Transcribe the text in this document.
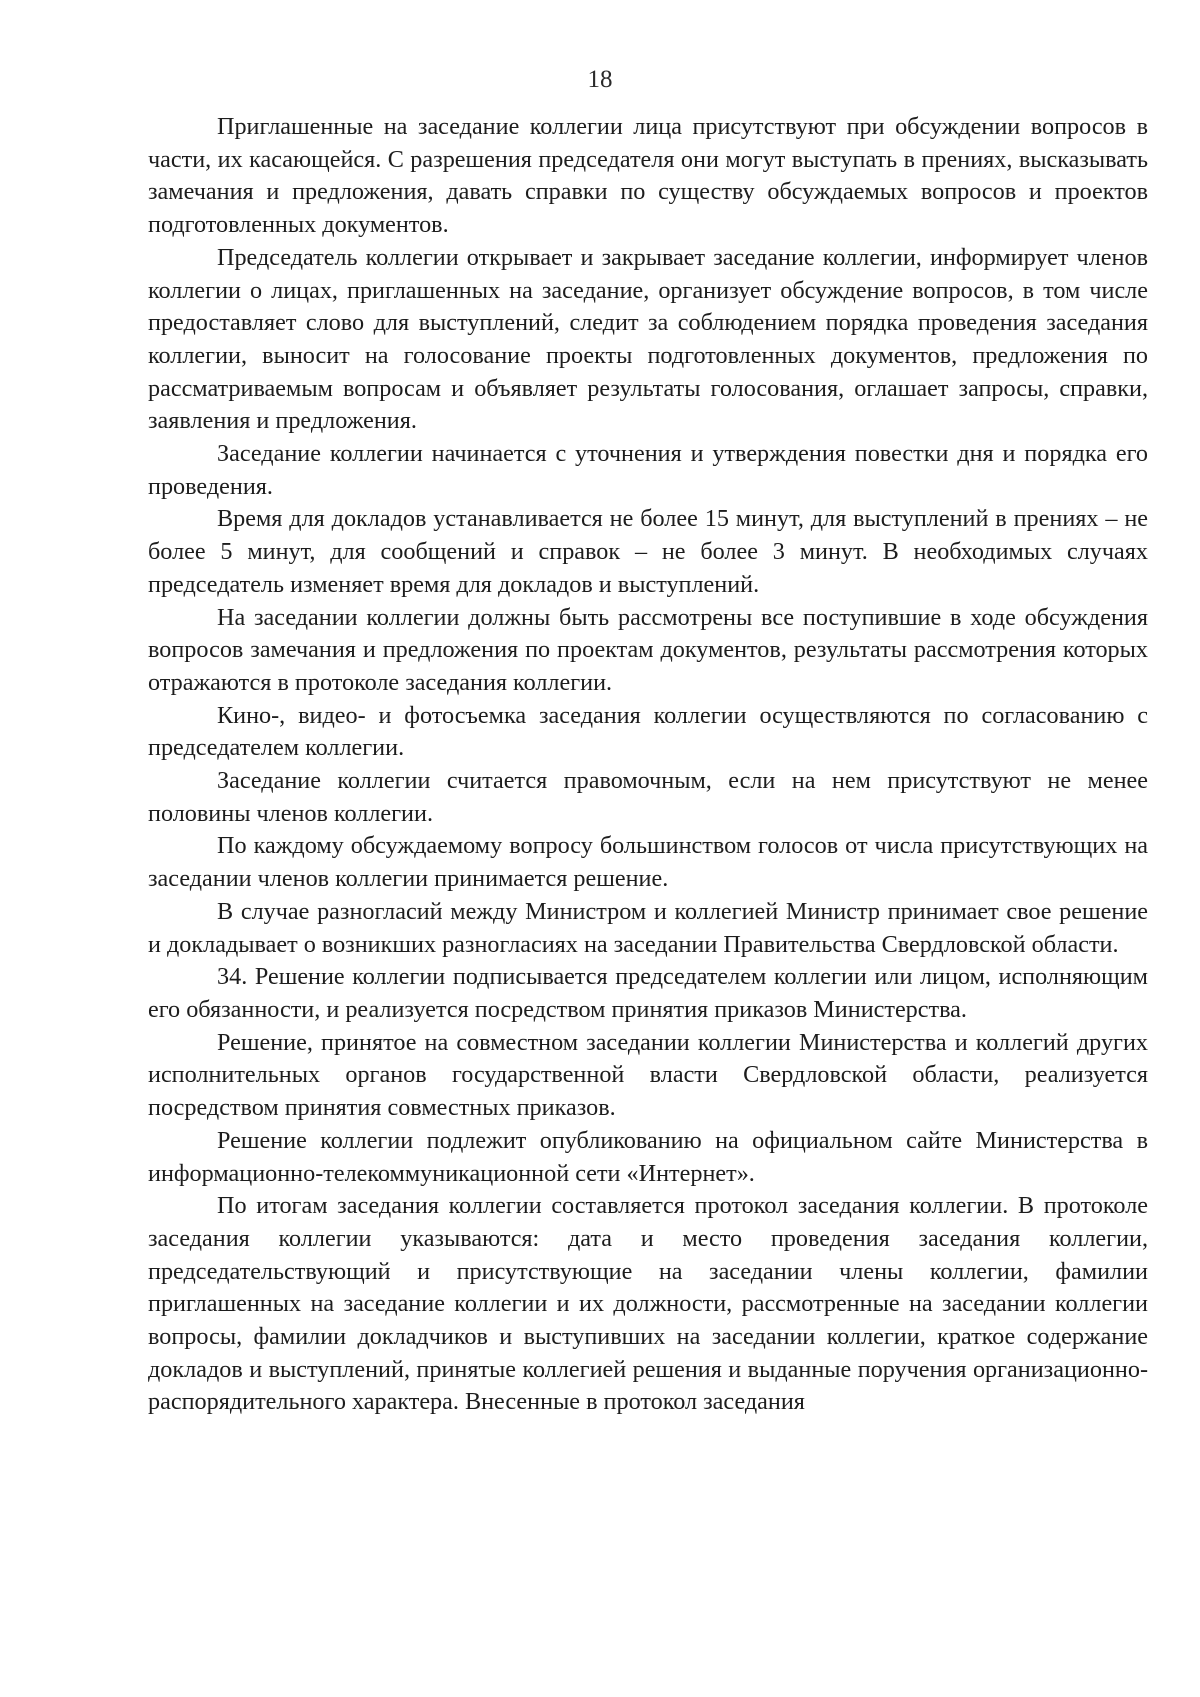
18

Приглашенные на заседание коллегии лица присутствуют при обсуждении вопросов в части, их касающейся. С разрешения председателя они могут выступать в прениях, высказывать замечания и предложения, давать справки по существу обсуждаемых вопросов и проектов подготовленных документов.

Председатель коллегии открывает и закрывает заседание коллегии, информирует членов коллегии о лицах, приглашенных на заседание, организует обсуждение вопросов, в том числе предоставляет слово для выступлений, следит за соблюдением порядка проведения заседания коллегии, выносит на голосование проекты подготовленных документов, предложения по рассматриваемым вопросам и объявляет результаты голосования, оглашает запросы, справки, заявления и предложения.

Заседание коллегии начинается с уточнения и утверждения повестки дня и порядка его проведения.

Время для докладов устанавливается не более 15 минут, для выступлений в прениях – не более 5 минут, для сообщений и справок – не более 3 минут. В необходимых случаях председатель изменяет время для докладов и выступлений.

На заседании коллегии должны быть рассмотрены все поступившие в ходе обсуждения вопросов замечания и предложения по проектам документов, результаты рассмотрения которых отражаются в протоколе заседания коллегии.

Кино-, видео- и фотосъемка заседания коллегии осуществляются по согласованию с председателем коллегии.

Заседание коллегии считается правомочным, если на нем присутствуют не менее половины членов коллегии.

По каждому обсуждаемому вопросу большинством голосов от числа присутствующих на заседании членов коллегии принимается решение.

В случае разногласий между Министром и коллегией Министр принимает свое решение и докладывает о возникших разногласиях на заседании Правительства Свердловской области.

34. Решение коллегии подписывается председателем коллегии или лицом, исполняющим его обязанности, и реализуется посредством принятия приказов Министерства.

Решение, принятое на совместном заседании коллегии Министерства и коллегий других исполнительных органов государственной власти Свердловской области, реализуется посредством принятия совместных приказов.

Решение коллегии подлежит опубликованию на официальном сайте Министерства в информационно-телекоммуникационной сети «Интернет».

По итогам заседания коллегии составляется протокол заседания коллегии. В протоколе заседания коллегии указываются: дата и место проведения заседания коллегии, председательствующий и присутствующие на заседании члены коллегии, фамилии приглашенных на заседание коллегии и их должности, рассмотренные на заседании коллегии вопросы, фамилии докладчиков и выступивших на заседании коллегии, краткое содержание докладов и выступлений, принятые коллегией решения и выданные поручения организационно-распорядительного характера. Внесенные в протокол заседания
